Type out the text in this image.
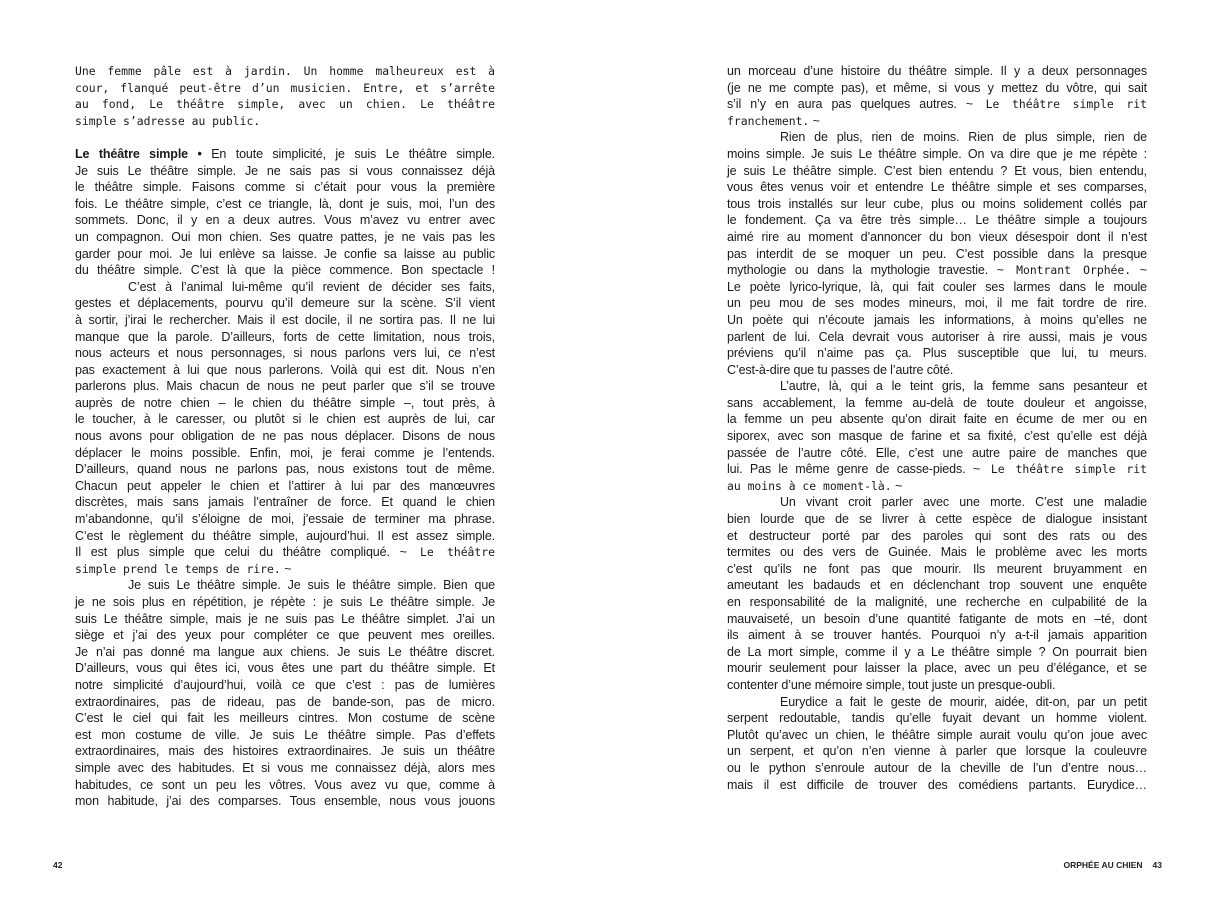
Une femme pâle est à jardin. Un homme malheureux est à
cour, flanqué peut-être d’un musicien. Entre, et s’arrête
au fond, Le théâtre simple, avec un chien. Le théâtre
simple s’adresse au public.
Le théâtre simple • En toute simplicité, je suis Le théâtre simple.
Je suis Le théâtre simple. Je ne sais pas si vous connaissez déjà
le théâtre simple. Faisons comme si c’était pour vous la première
fois. Le théâtre simple, c’est ce triangle, là, dont je suis, moi, l’un des
sommets. Donc, il y en a deux autres. Vous m’avez vu entrer avec
un compagnon. Oui mon chien. Ses quatre pattes, je ne vais pas les
garder pour moi. Je lui enlève sa laisse. Je confie sa laisse au public
du théâtre simple. C’est là que la pièce commence. Bon spectacle !
C’est à l’animal lui-même qu’il revient de décider ses faits,
gestes et déplacements, pourvu qu’il demeure sur la scène. S’il vient
à sortir, j’irai le rechercher. Mais il est docile, il ne sortira pas. Il ne lui
manque que la parole. D’ailleurs, forts de cette limitation, nous trois,
nous acteurs et nous personnages, si nous parlons vers lui, ce n’est
pas exactement à lui que nous parlerons. Voilà qui est dit. Nous n’en
parlerons plus. Mais chacun de nous ne peut parler que s’il se trouve
auprès de notre chien – le chien du théâtre simple –, tout près, à
le toucher, à le caresser, ou plutôt si le chien est auprès de lui, car
nous avons pour obligation de ne pas nous déplacer. Disons de nous
déplacer le moins possible. Enfin, moi, je ferai comme je l’entends.
D’ailleurs, quand nous ne parlons pas, nous existons tout de même.
Chacun peut appeler le chien et l’attirer à lui par des manœuvres
discrètes, mais sans jamais l’entraîner de force. Et quand le chien
m’abandonne, qu’il s’éloigne de moi, j’essaie de terminer ma phrase.
C’est le règlement du théâtre simple, aujourd’hui. Il est assez simple.
Il est plus simple que celui du théâtre compliqué. ~ Le théâtre
simple prend le temps de rire. ~
Je suis Le théâtre simple. Je suis le théâtre simple. Bien que
je ne sois plus en répétition, je répète : je suis Le théâtre simple. Je
suis Le théâtre simple, mais je ne suis pas Le théâtre simplet. J’ai un
siège et j’ai des yeux pour compléter ce que peuvent mes oreilles.
Je n’ai pas donné ma langue aux chiens. Je suis Le théâtre discret.
D’ailleurs, vous qui êtes ici, vous êtes une part du théâtre simple. Et
notre simplicité d’aujourd’hui, voilà ce que c’est : pas de lumières
extraordinaires, pas de rideau, pas de bande-son, pas de micro.
C’est le ciel qui fait les meilleurs cintres. Mon costume de scène
est mon costume de ville. Je suis Le théâtre simple. Pas d’effets
extraordinaires, mais des histoires extraordinaires. Je suis un théâtre
simple avec des habitudes. Et si vous me connaissez déjà, alors mes
habitudes, ce sont un peu les vôtres. Vous avez vu que, comme à
mon habitude, j’ai des comparses. Tous ensemble, nous vous jouons
un morceau d’une histoire du théâtre simple. Il y a deux personnages
(je ne me compte pas), et même, si vous y mettez du vôtre, qui sait
s’il n’y en aura pas quelques autres. ~ Le théâtre simple rit
franchement. ~
Rien de plus, rien de moins. Rien de plus simple, rien de
moins simple. Je suis Le théâtre simple. On va dire que je me répète :
je suis Le théâtre simple. C’est bien entendu ? Et vous, bien entendu,
vous êtes venus voir et entendre Le théâtre simple et ses comparses,
tous trois installés sur leur cube, plus ou moins solidement collés par
le fondement. Ça va être très simple… Le théâtre simple a toujours
aimé rire au moment d’annoncer du bon vieux désespoir dont il n’est
pas interdit de se moquer un peu. C’est possible dans la presque
mythologie ou dans la mythologie travestie. ~ Montrant Orphée. ~
Le poète lyrico-lyrique, là, qui fait couler ses larmes dans le moule
un peu mou de ses modes mineurs, moi, il me fait tordre de rire.
Un poète qui n’écoute jamais les informations, à moins qu’elles ne
parlent de lui. Cela devrait vous autoriser à rire aussi, mais je vous
préviens qu’il n’aime pas ça. Plus susceptible que lui, tu meurs.
C’est-à-dire que tu passes de l’autre côté.
L’autre, là, qui a le teint gris, la femme sans pesanteur et
sans accablement, la femme au-delà de toute douleur et angoisse,
la femme un peu absente qu’on dirait faite en écume de mer ou en
siporex, avec son masque de farine et sa fixité, c’est qu’elle est déjà
passée de l’autre côté. Elle, c’est une autre paire de manches que
lui. Pas le même genre de casse-pieds. ~ Le théâtre simple rit
au moins à ce moment-là. ~
Un vivant croit parler avec une morte. C’est une maladie
bien lourde que de se livrer à cette espèce de dialogue insistant
et destructeur porté par des paroles qui sont des rats ou des
termites ou des vers de Guinée. Mais le problème avec les morts
c’est qu’ils ne font pas que mourir. Ils meurent bruyamment en
ameutant les badauds et en déclenchant trop souvent une enquête
en responsabilité de la malignité, une recherche en culpabilité de la
mauvaiseté, un besoin d’une quantité fatigante de mots en –té, dont
ils aiment à se trouver hantés. Pourquoi n’y a-t-il jamais apparition
de La mort simple, comme il y a Le théâtre simple ? On pourrait bien
mourir seulement pour laisser la place, avec un peu d’élégance, et se
contenter d’une mémoire simple, tout juste un presque-oubli.
Eurydice a fait le geste de mourir, aidée, dit-on, par un petit
serpent redoutable, tandis qu’elle fuyait devant un homme violent.
Plutôt qu’avec un chien, le théâtre simple aurait voulu qu’on joue avec
un serpent, et qu’on n’en vienne à parler que lorsque la couleuvre
ou le python s’enroule autour de la cheville de l’un d’entre nous…
mais il est difficile de trouver des comédiens partants. Eurydice…
42	ORPHÉE AU CHIEN 43
